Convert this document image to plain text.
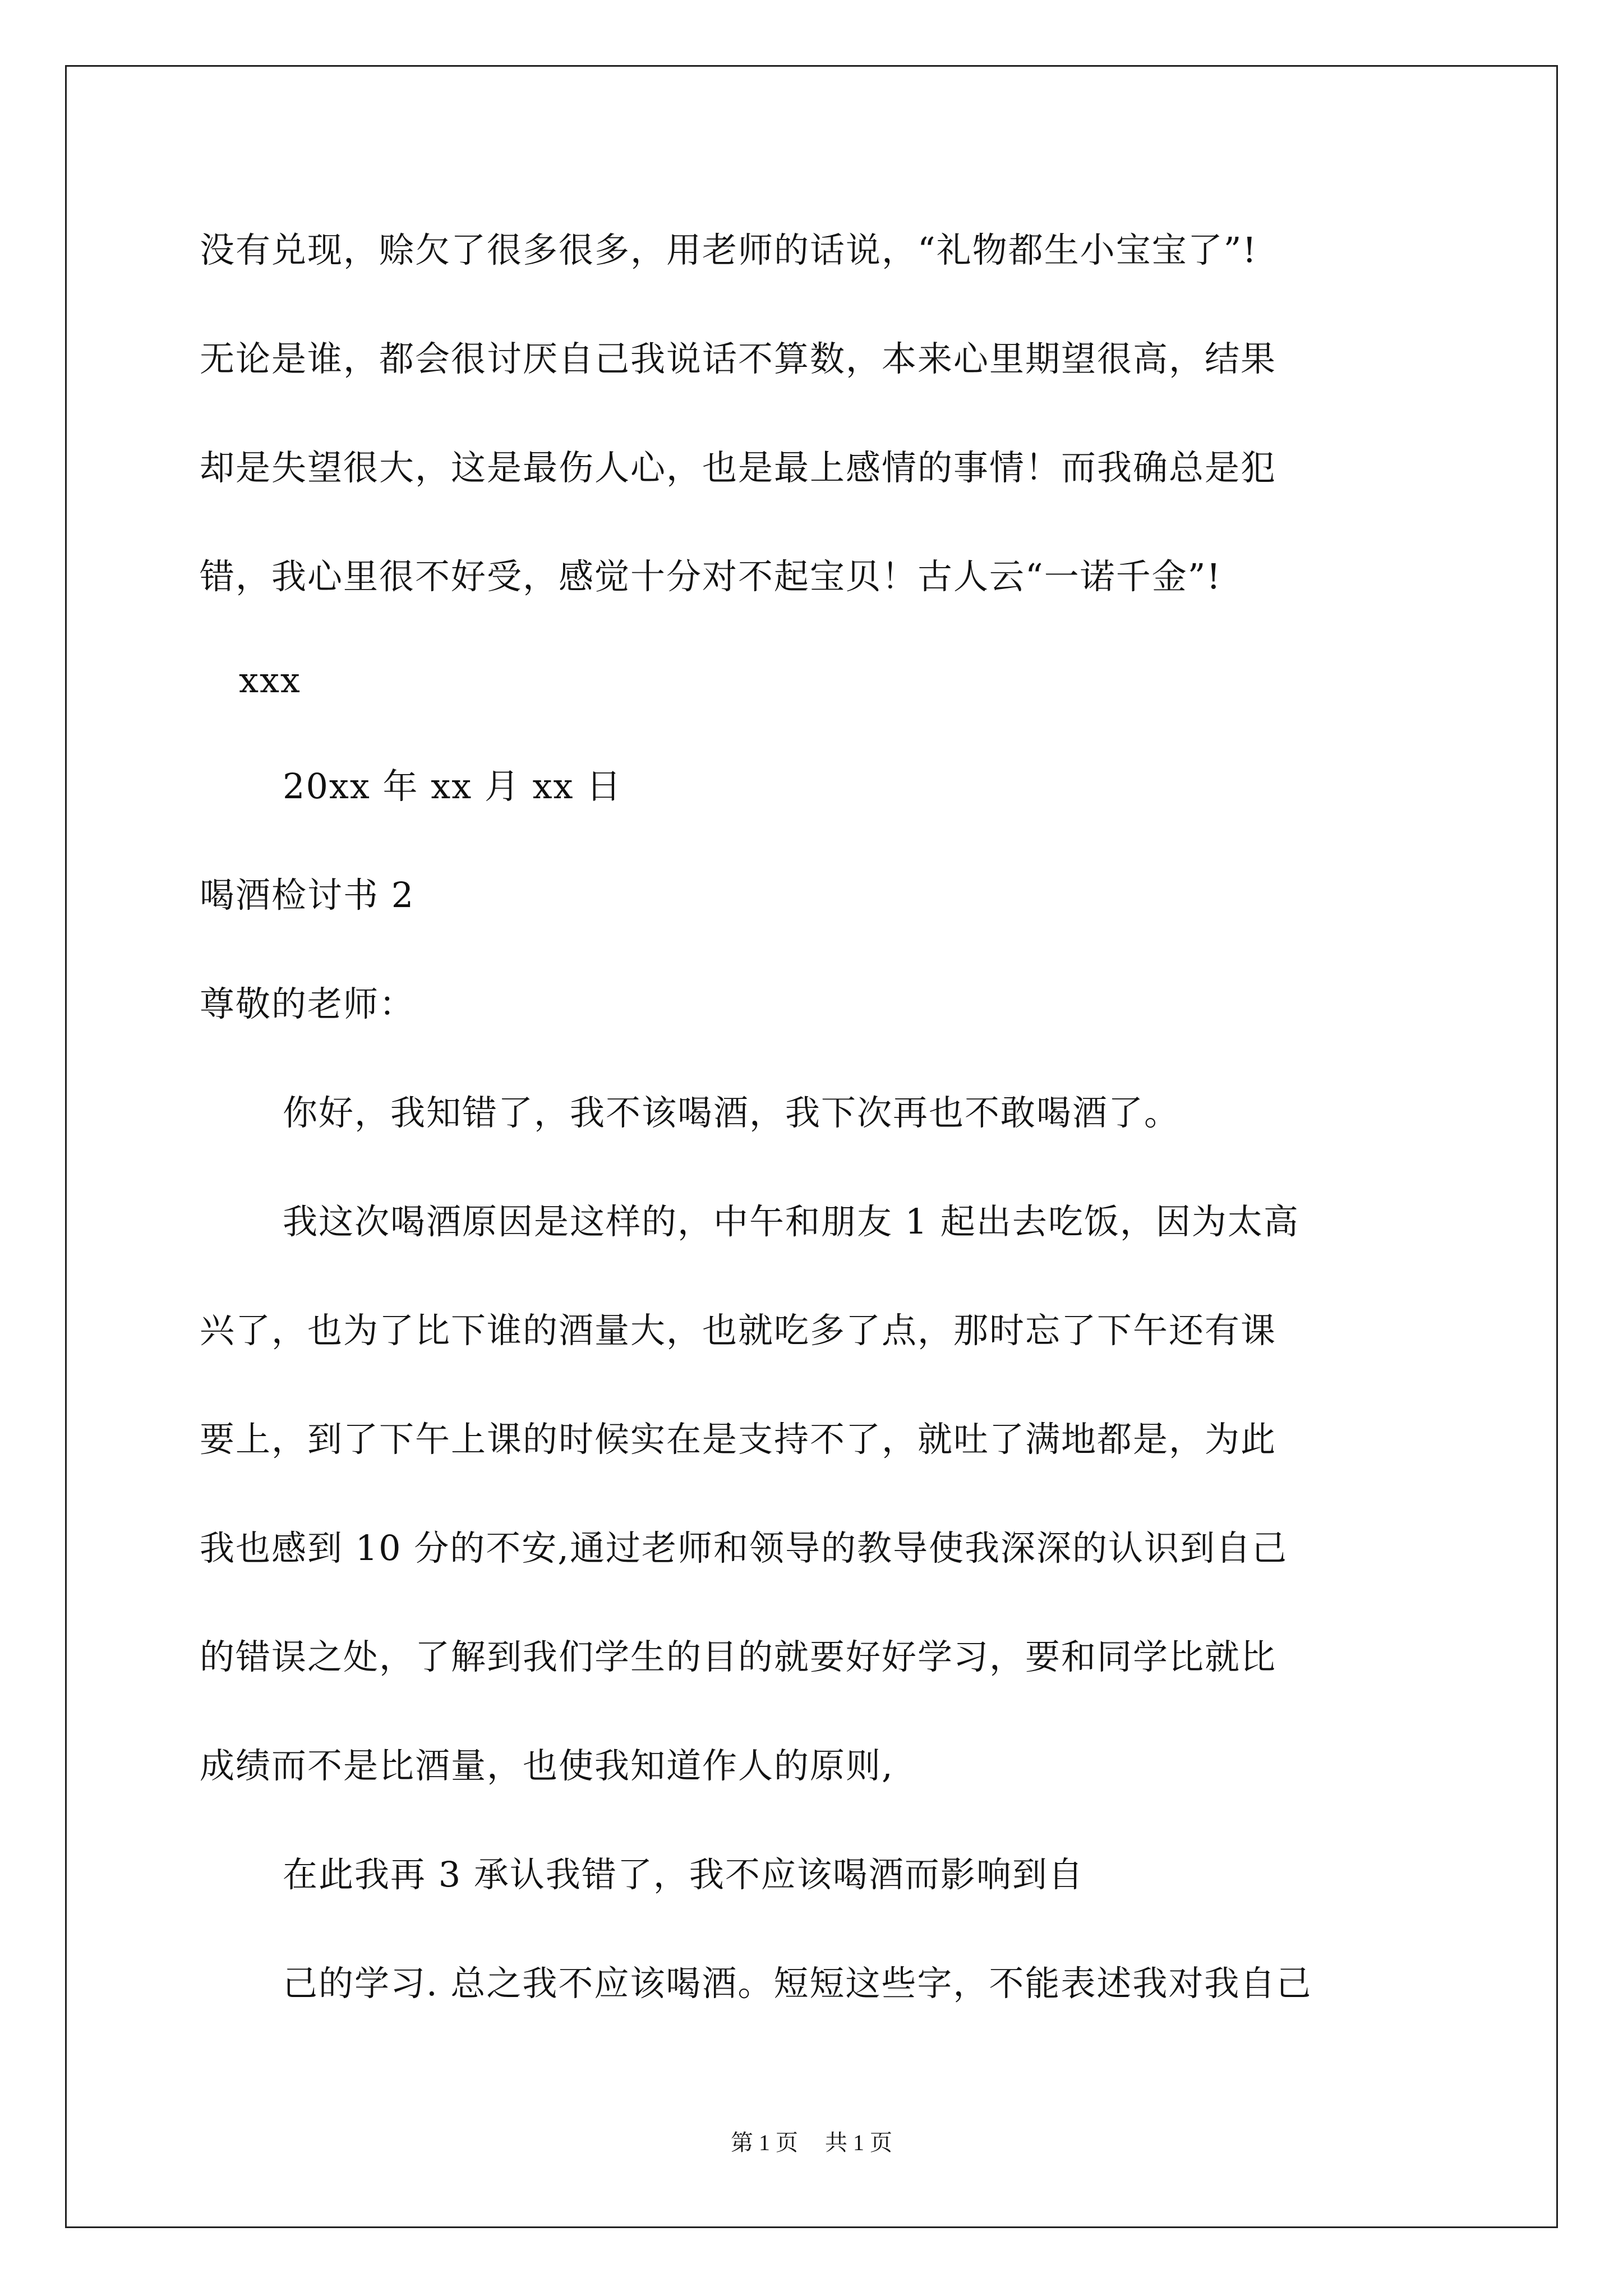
没有兑现，赊欠了很多很多，用老师的话说，“礼物都生小宝宝了”!
无论是谁，都会很讨厌自己我说话不算数，本来心里期望很高，结果
却是失望很大，这是最伤人心，也是最上感情的事情！而我确总是犯
错，我心里很不好受，感觉十分对不起宝贝！古人云“一诺千金”!
xxx
20xx 年 xx 月 xx 日
喝酒检讨书 2
尊敬的老师：
你好，我知错了，我不该喝酒，我下次再也不敢喝酒了。
我这次喝酒原因是这样的，中午和朋友 1 起出去吃饭，因为太高
兴了，也为了比下谁的酒量大，也就吃多了点，那时忘了下午还有课
要上，到了下午上课的时候实在是支持不了，就吐了满地都是，为此
我也感到 10 分的不安,通过老师和领导的教导使我深深的认识到自己
的错误之处，了解到我们学生的目的就要好好学习，要和同学比就比
成绩而不是比酒量，也使我知道作人的原则,
在此我再 3 承认我错了，我不应该喝酒而影响到自
己的学习. 总之我不应该喝酒。短短这些字，不能表述我对我自己
第 1 页 共 1 页
